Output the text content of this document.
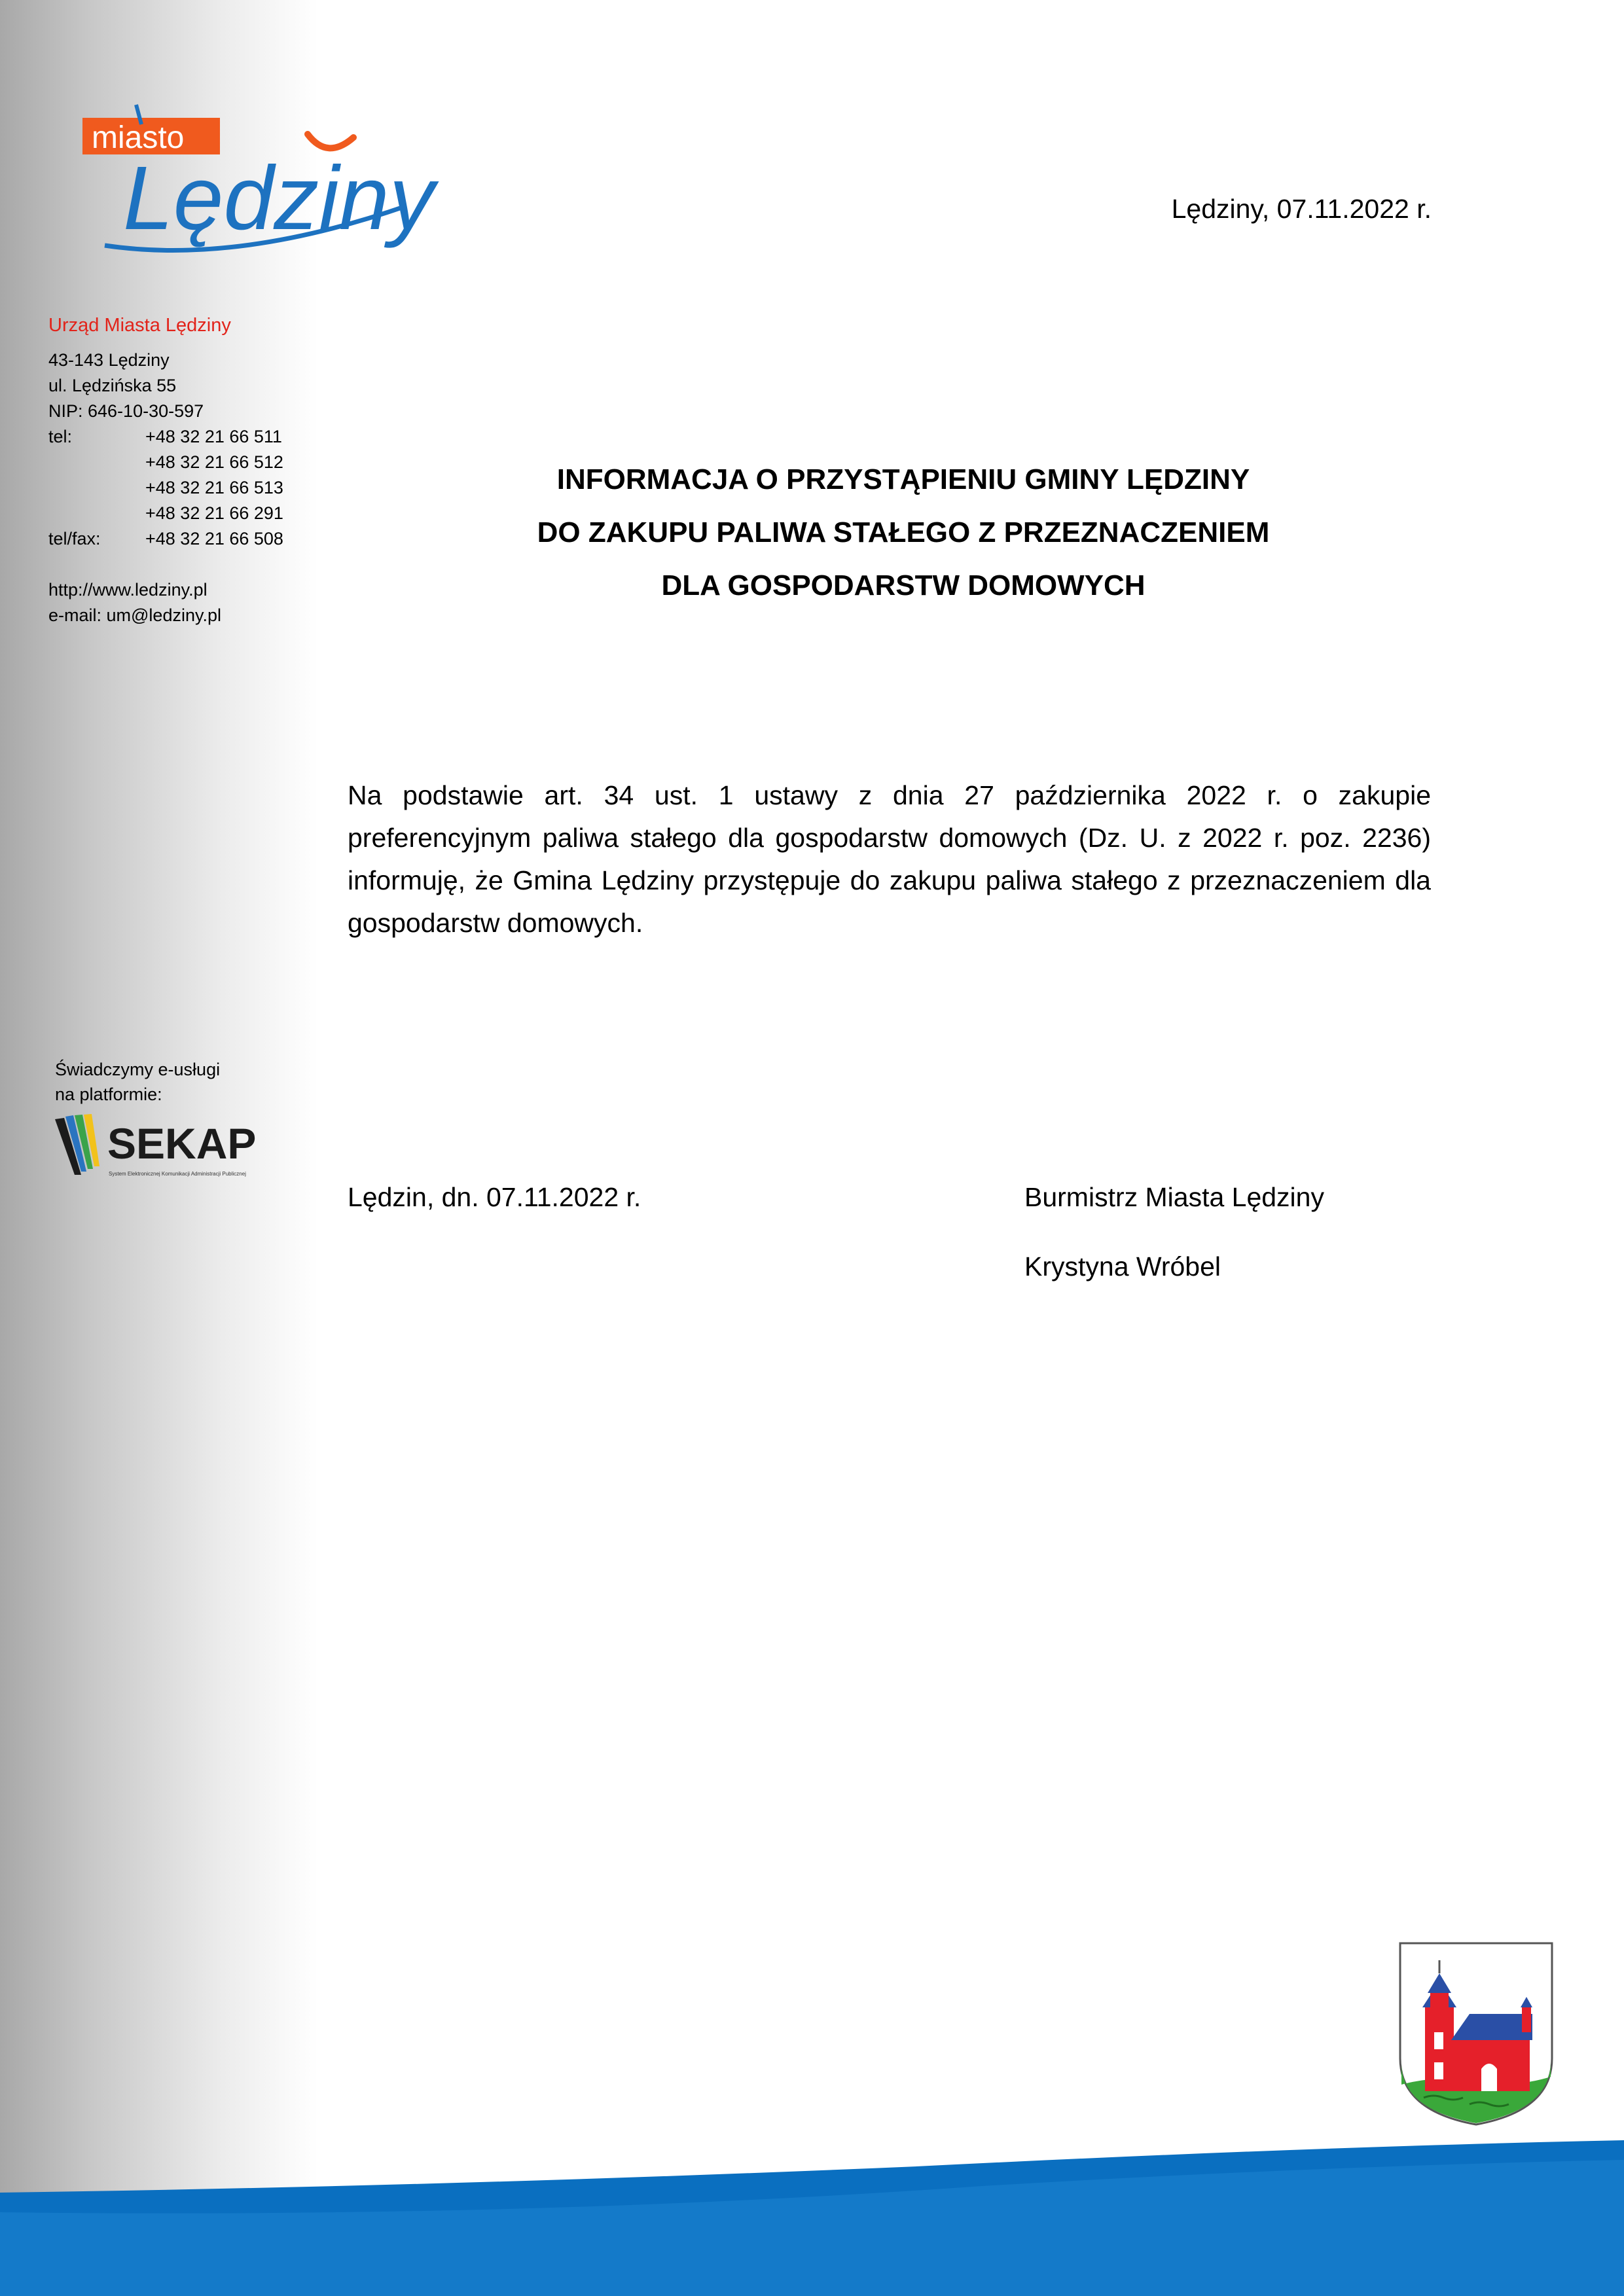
miasto
Lędziny
Urząd Miasta Lędziny
43-143 Lędziny
ul. Lędzińska 55
NIP: 646-10-30-597
tel:	+48 32 21 66 511
+48 32 21 66 512
+48 32 21 66 513
+48 32 21 66 291
tel/fax:	+48 32 21 66 508
http://www.ledziny.pl
e-mail: um@ledziny.pl
Świadczymy e-usługi
na platformie:
SEKAP
System Elektronicznej Komunikacji Administracji Publicznej
Lędziny, 07.11.2022 r.
INFORMACJA O PRZYSTĄPIENIU GMINY LĘDZINY
DO ZAKUPU PALIWA STAŁEGO Z PRZEZNACZENIEM
DLA GOSPODARSTW DOMOWYCH
Na podstawie art. 34 ust. 1 ustawy z dnia 27 października 2022 r. o zakupie preferencyjnym paliwa stałego dla gospodarstw domowych (Dz. U. z 2022 r. poz. 2236) informuję, że Gmina Lędziny przystępuje do zakupu paliwa stałego z przeznaczeniem dla gospodarstw domowych.
Lędzin, dn. 07.11.2022 r.	Burmistrz Miasta Lędziny
Krystyna Wróbel
